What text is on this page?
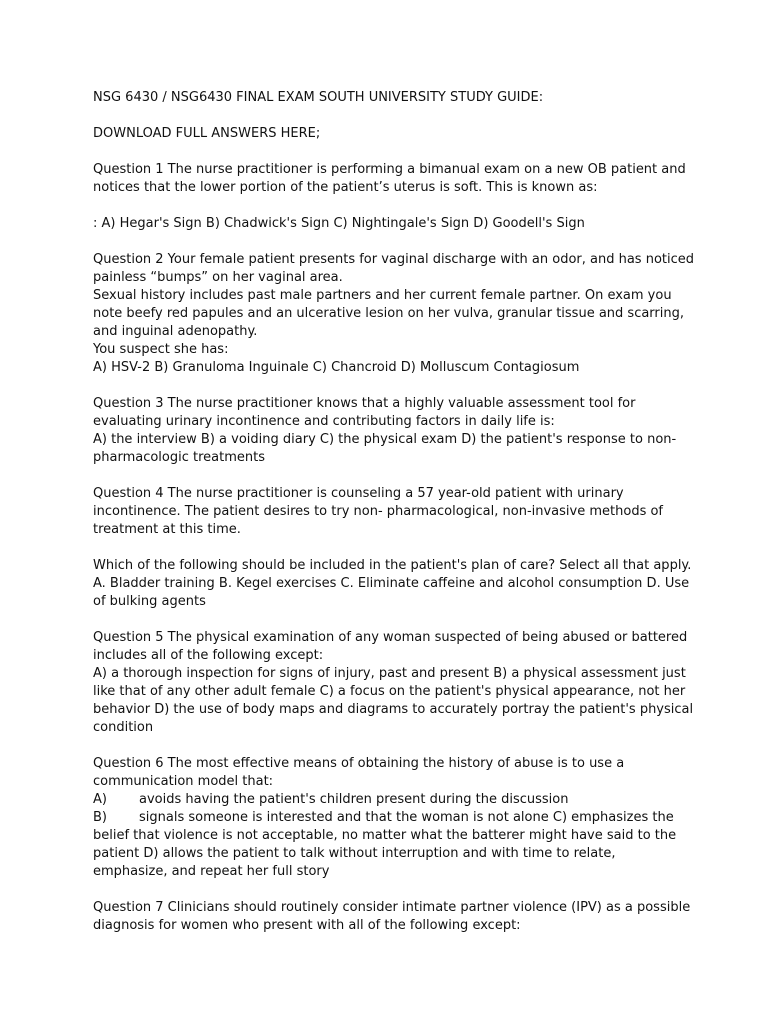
NSG 6430 / NSG6430 FINAL EXAM SOUTH UNIVERSITY STUDY GUIDE:
DOWNLOAD FULL ANSWERS HERE;
Question 1 The nurse practitioner is performing a bimanual exam on a new OB patient and
notices that the lower portion of the patient’s uterus is soft. This is known as:
: A) Hegar's Sign B) Chadwick's Sign C) Nightingale's Sign D) Goodell's Sign
Question 2 Your female patient presents for vaginal discharge with an odor, and has noticed
painless “bumps” on her vaginal area.
Sexual history includes past male partners and her current female partner. On exam you
note beefy red papules and an ulcerative lesion on her vulva, granular tissue and scarring,
and inguinal adenopathy.
You suspect she has:
A) HSV-2 B) Granuloma Inguinale C) Chancroid D) Molluscum Contagiosum
Question 3 The nurse practitioner knows that a highly valuable assessment tool for
evaluating urinary incontinence and contributing factors in daily life is:
A) the interview B) a voiding diary C) the physical exam D) the patient's response to non-
pharmacologic treatments
Question 4 The nurse practitioner is counseling a 57 year-old patient with urinary
incontinence. The patient desires to try non- pharmacological, non-invasive methods of
treatment at this time.
Which of the following should be included in the patient's plan of care? Select all that apply.
A. Bladder training B. Kegel exercises C. Eliminate caffeine and alcohol consumption D. Use
of bulking agents
Question 5 The physical examination of any woman suspected of being abused or battered
includes all of the following except:
A) a thorough inspection for signs of injury, past and present B) a physical assessment just
like that of any other adult female C) a focus on the patient's physical appearance, not her
behavior D) the use of body maps and diagrams to accurately portray the patient's physical
condition
Question 6 The most effective means of obtaining the history of abuse is to use a
communication model that:
A) avoids having the patient's children present during the discussion
B) signals someone is interested and that the woman is not alone C) emphasizes the
belief that violence is not acceptable, no matter what the batterer might have said to the
patient D) allows the patient to talk without interruption and with time to relate,
emphasize, and repeat her full story
Question 7 Clinicians should routinely consider intimate partner violence (IPV) as a possible
diagnosis for women who present with all of the following except:
